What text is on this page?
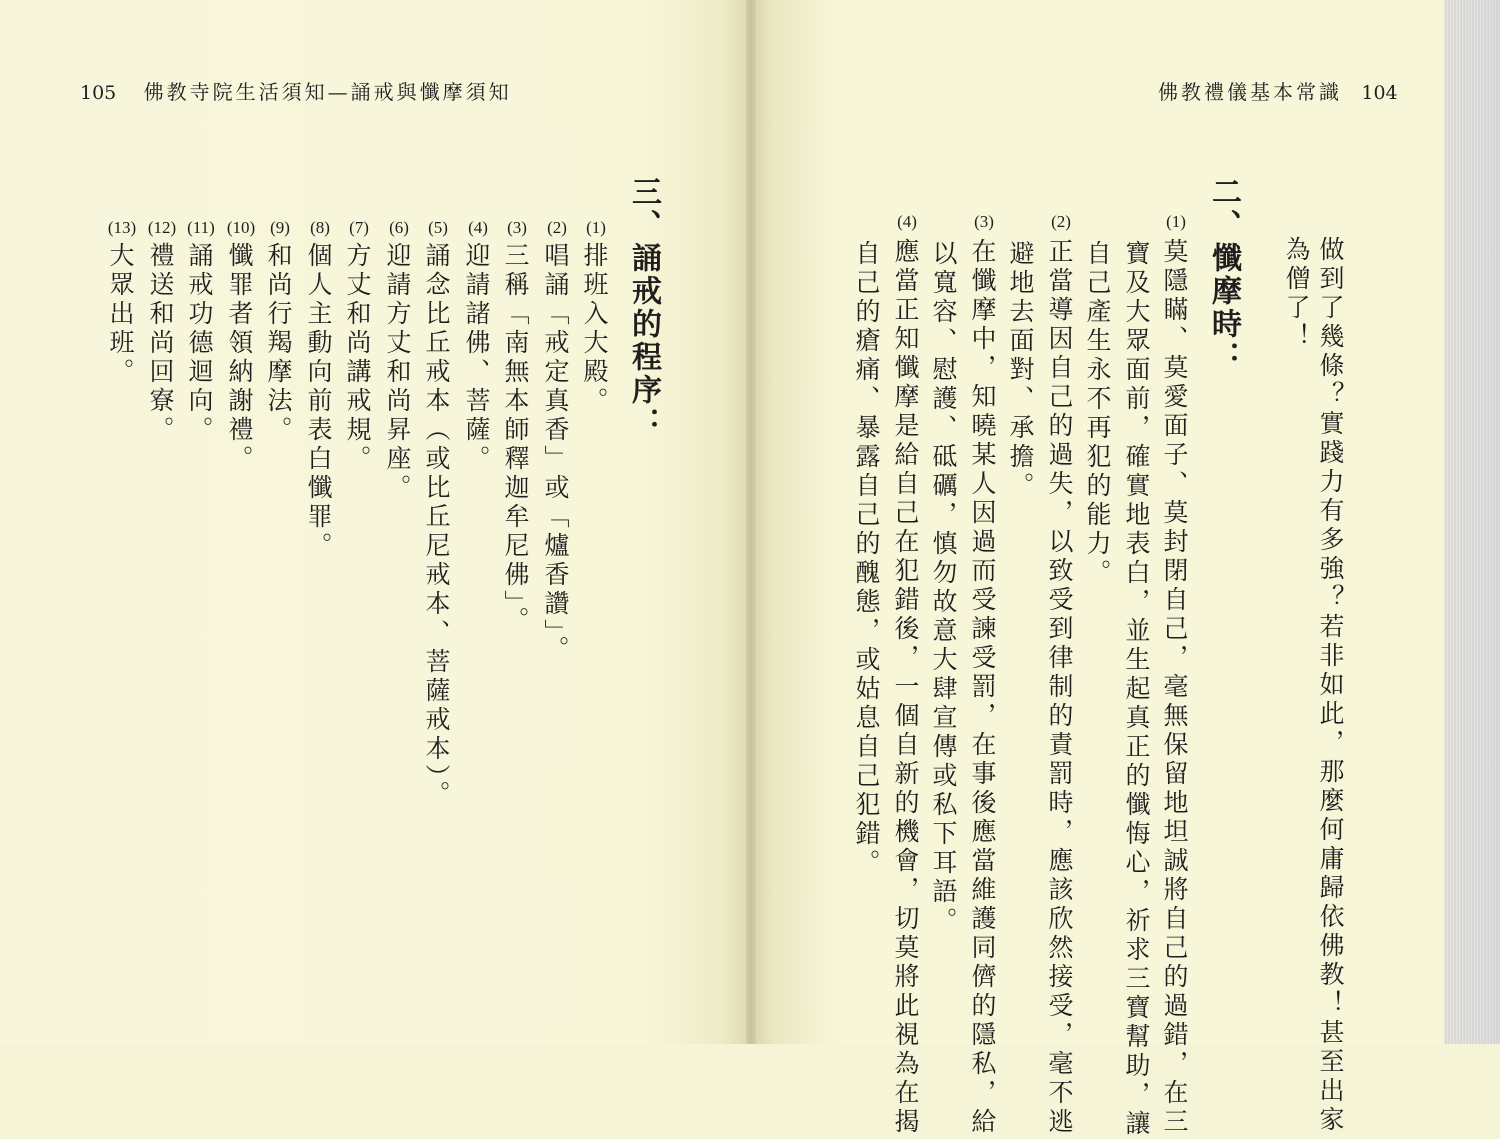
105 佛教寺院生活須知—誦戒與懺摩須知	佛教禮儀基本常識 104
三、誦戒的程序：
(1)
排班入大殿。
(2)
唱誦「戒定真香」或「爐香讚」。
(3)
三稱「南無本師釋迦牟尼佛」。
(4)
迎請諸佛、菩薩。
(5)
誦念比丘戒本（或比丘尼戒本、菩薩戒本）。
(6)
迎請方丈和尚昇座。
(7)
方丈和尚講戒規。
(8)
個人主動向前表白懺罪。
(9)
和尚行羯摩法。
(10)
懺罪者領納謝禮。
(11)
誦戒功德迴向。
(12)
禮送和尚回寮。
(13)
大眾出班。	做到了幾條？實踐力有多強？若非如此，那麼何庸歸依佛教！甚至出家
為僧了！
二、懺摩時：
(1)
莫隱瞞、莫愛面子、莫封閉自己，毫無保留地坦誠將自己的過錯，在三
寶及大眾面前，確實地表白，並生起真正的懺悔心，祈求三寶幫助，讓
自己產生永不再犯的能力。
(2)
正當導因自己的過失，以致受到律制的責罰時，應該欣然接受，毫不逃
避地去面對、承擔。
(3)
在懺摩中，知曉某人因過而受諫受罰，在事後應當維護同儕的隱私，給
以寬容、慰護、砥礪，慎勿故意大肆宣傳或私下耳語。
(4)
應當正知懺摩是給自己在犯錯後，一個自新的機會，切莫將此視為在揭
自己的瘡痛、暴露自己的醜態，或姑息自己犯錯。
